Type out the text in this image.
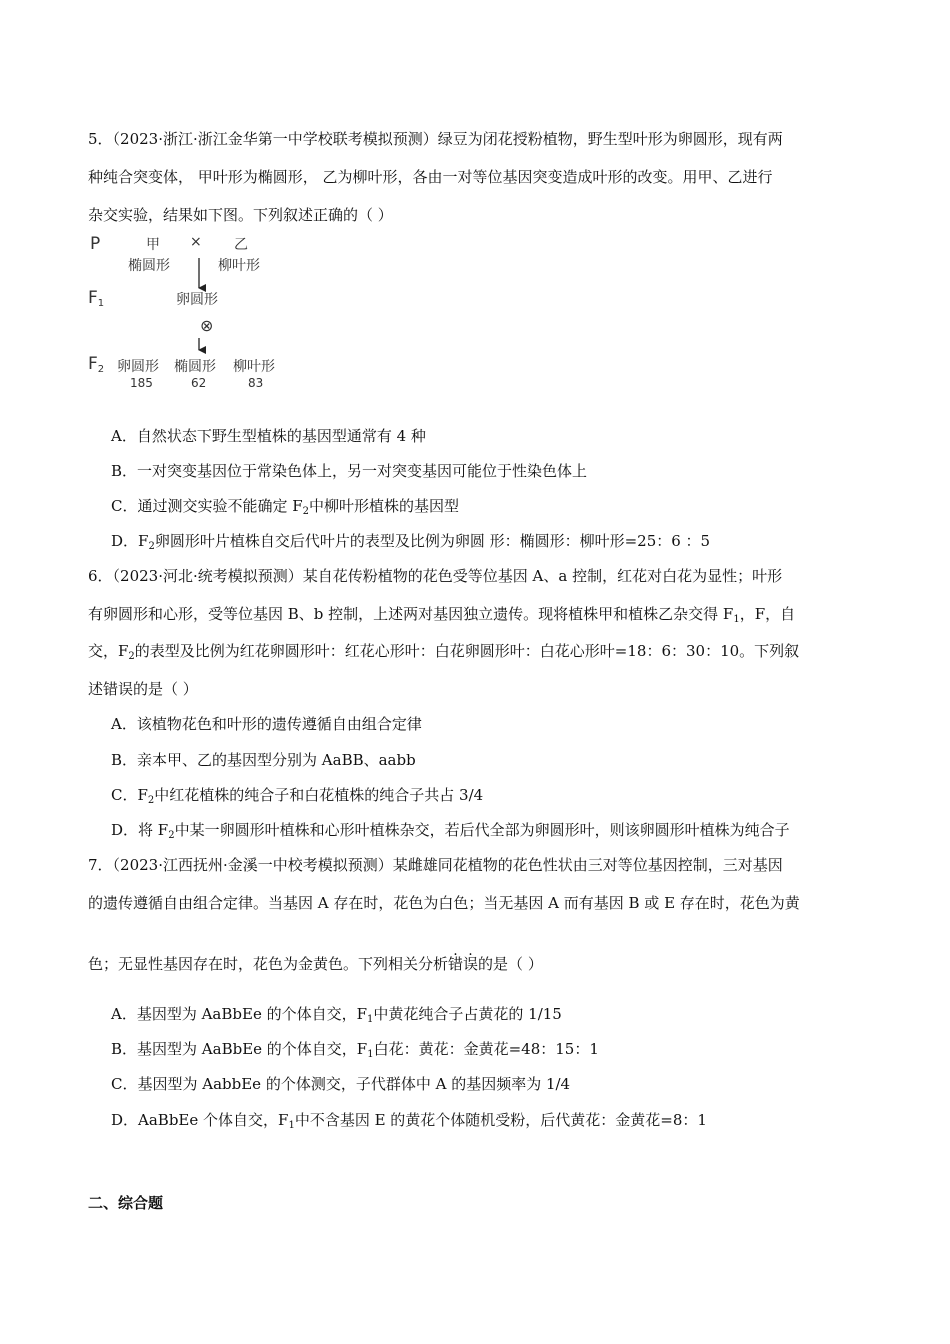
5．（2023·浙江·浙江金华第一中学校联考模拟预测）绿豆为闭花授粉植物，野生型叶形为卵圆形，现有两
种纯合突变体， 甲叶形为椭圆形， 乙为柳叶形，各由一对等位基因突变造成叶形的改变。用甲、乙进行
杂交实验，结果如下图。下列叙述正确的（ ）
P	甲 × 乙
椭圆形	柳叶形
$F_1$	卵圆形
⊗
$F_2$ 卵圆形 椭圆形 柳叶形
185	62	83
A．自然状态下野生型植株的基因型通常有 4 种
B．一对突变基因位于常染色体上，另一对突变基因可能位于性染色体上
C．通过测交实验不能确定 $F_2$中柳叶形植株的基因型
D．$F_2$卵圆形叶片植株自交后代叶片的表型及比例为卵圆 形：椭圆形：柳叶形=25：6 ：5
6．（2023·河北·统考模拟预测）某自花传粉植物的花色受等位基因 A、a 控制，红花对白花为显性；叶形
有卵圆形和心形，受等位基因 B、b 控制，上述两对基因独立遗传。现将植株甲和植株乙杂交得 $F_1$，F，自
交，$F_2$的表型及比例为红花卵圆形叶：红花心形叶：白花卵圆形叶：白花心形叶=18：6：30：10。下列叙
述错误的是（ ）
A．该植物花色和叶形的遗传遵循自由组合定律
B．亲本甲、乙的基因型分别为 AaBB、aabb
C．$F_2$中红花植株的纯合子和白花植株的纯合子共占 3/4
D．将 $F_2$中某一卵圆形叶植株和心形叶植株杂交，若后代全部为卵圆形叶，则该卵圆形叶植株为纯合子
7．（2023·江西抚州·金溪一中校考模拟预测）某雌雄同花植物的花色性状由三对等位基因控制，三对基因
的遗传遵循自由组合定律。当基因 A 存在时，花色为白色；当无基因 A 而有基因 B 或 E 存在时，花色为黄
色；无显性基因存在时，花色为金黄色。下列相关分析
.
错
.
误的是（ ）
A．基因型为 AaBbEe 的个体自交，$F_1$中黄花纯合子占黄花的 1/15
B．基因型为 AaBbEe 的个体自交，$F_1$白花：黄花：金黄花=48：15：1
C．基因型为 AabbEe 的个体测交，子代群体中 A 的基因频率为 1/4
D．AaBbEe 个体自交，$F_1$中不含基因 E 的黄花个体随机受粉，后代黄花：金黄花=8：1
二、综合题
